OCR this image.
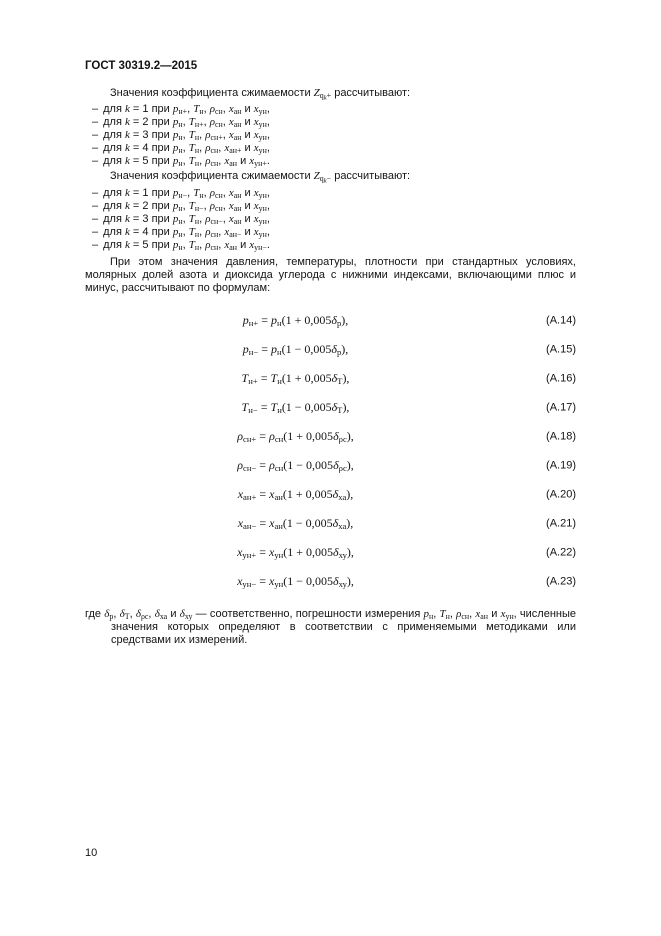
ГОСТ 30319.2—2015

Значения коэффициента сжимаемости $Zq_k+$ рассчитывают:

– для k = 1 при pн+, Tн, ρсн, xан и xун,
– для k = 2 при pн, Tн+, ρсн, xан и xун,
– для k = 3 при pн, Tн, ρсн+, xан и xун,
– для k = 4 при pн, Tн, ρсн, xан+ и xун,
– для k = 5 при pн, Tн, ρсн, xан и xун+.

Значения коэффициента сжимаемости $Zq_k-$ рассчитывают:

– для k = 1 при pн−, Tн, ρсн, xан и xун,
– для k = 2 при pн, Tн−, ρсн, xан и xун,
– для k = 3 при pн, Tн, ρсн−, xан и xун,
– для k = 4 при pн, Tн, ρсн, xан− и xун,
– для k = 5 при pн, Tн, ρсн, xан и xун−.

При этом значения давления, температуры, плотности при стандартных условиях, молярных долей азота и диоксида углерода с нижними индексами, включающими плюс и минус, рассчитывают по формулам:

pн+ = pн(1 + 0,005δр),	(A.14)
pн− = pн(1 − 0,005δр),	(A.15)
Tн+ = Tн(1 + 0,005δТ),	(A.16)
Tн− = Tн(1 − 0,005δТ),	(A.17)
ρсн+ = ρсн(1 + 0,005δρс),	(A.18)
ρсн− = ρсн(1 − 0,005δρс),	(A.19)
xан+ = xан(1 + 0,005δха),	(A.20)
xан− = xан(1 − 0,005δха),	(A.21)
xун+ = xун(1 + 0,005δху),	(A.22)
xун− = xун(1 − 0,005δху),	(A.23)

где δр, δТ, δρс, δха и δху — соответственно, погрешности измерения pн, Tн, ρсн, xан и xун, численные значения которых определяют в соответствии с применяемыми методиками или средствами их измерений.

10
